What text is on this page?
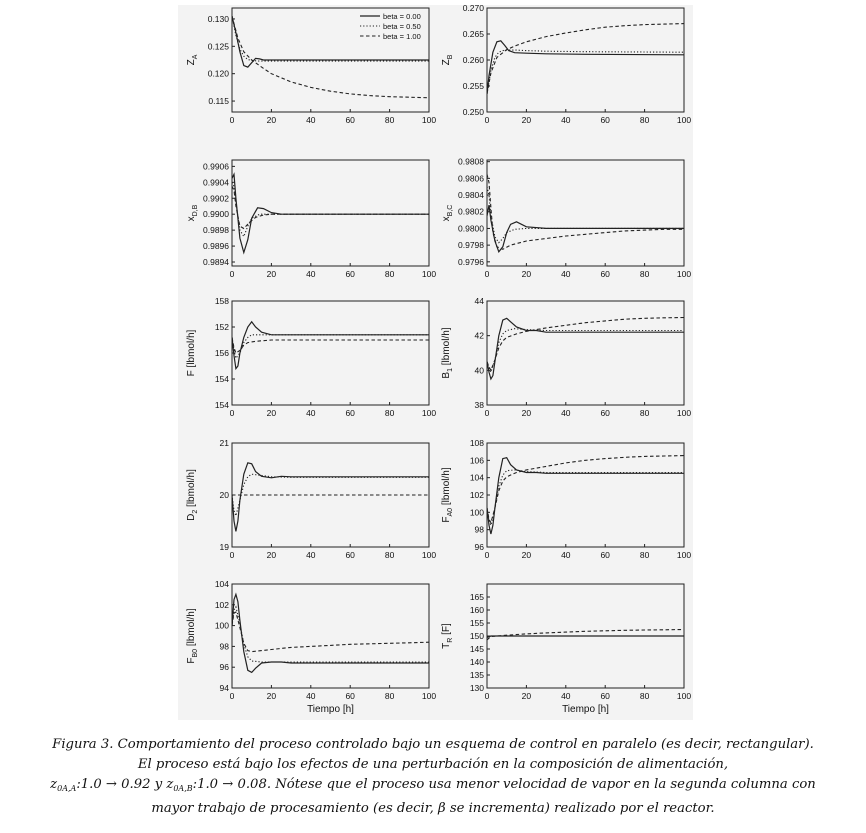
0	20	40	60	80	100
0.115
0.120
0.125
0.130
$Z_A$
beta = 0.00
beta = 0.50
beta = 1.00
0	20	40	60	80	100
0.250
0.255
0.260
0.265
0.270
$Z_B$
0	20	40	60	80	100
0.9894
0.9896
0.9898
0.9900
0.9902
0.9904
0.9906
$x_{D,B}$
0	20	40	60	80	100
0.9796
0.9798
0.9800
0.9802
0.9804
0.9806
0.9808
$x_{B,C}$
0	20	40	60	80	100
154
154
156
152
158
F [lbmol/h]
0	20	40	60	80	100
38
40
42
44
$B_1$ [lbmol/h]
0	20	40	60	80	100
19
20
21
$D_2$ [lbmol/h]
0	20	40	60	80	100
96
98
100
102
104
106
108
$F_{A0}$ [lbmol/h]
0	20	40	60	80	100
94
96
98
100
102
104
$F_{B0}$ [lbmol/h]
Tiempo [h]
0	20	40	60	80	100
130
135
140
145
150
155
160
165
$T_R$ [F]
Tiempo [h]
Figura 3. Comportamiento del proceso controlado bajo un esquema de control en paralelo (es decir, rectangular).
El proceso está bajo los efectos de una perturbación en la composición de alimentación,
$z_{0A,A}:1.0 \to 0.92$ y $z_{0A,B}:1.0 \to 0.08$. Nótese que el proceso usa menor velocidad de vapor en la segunda columna con
mayor trabajo de procesamiento (es decir, β se incrementa) realizado por el reactor.
